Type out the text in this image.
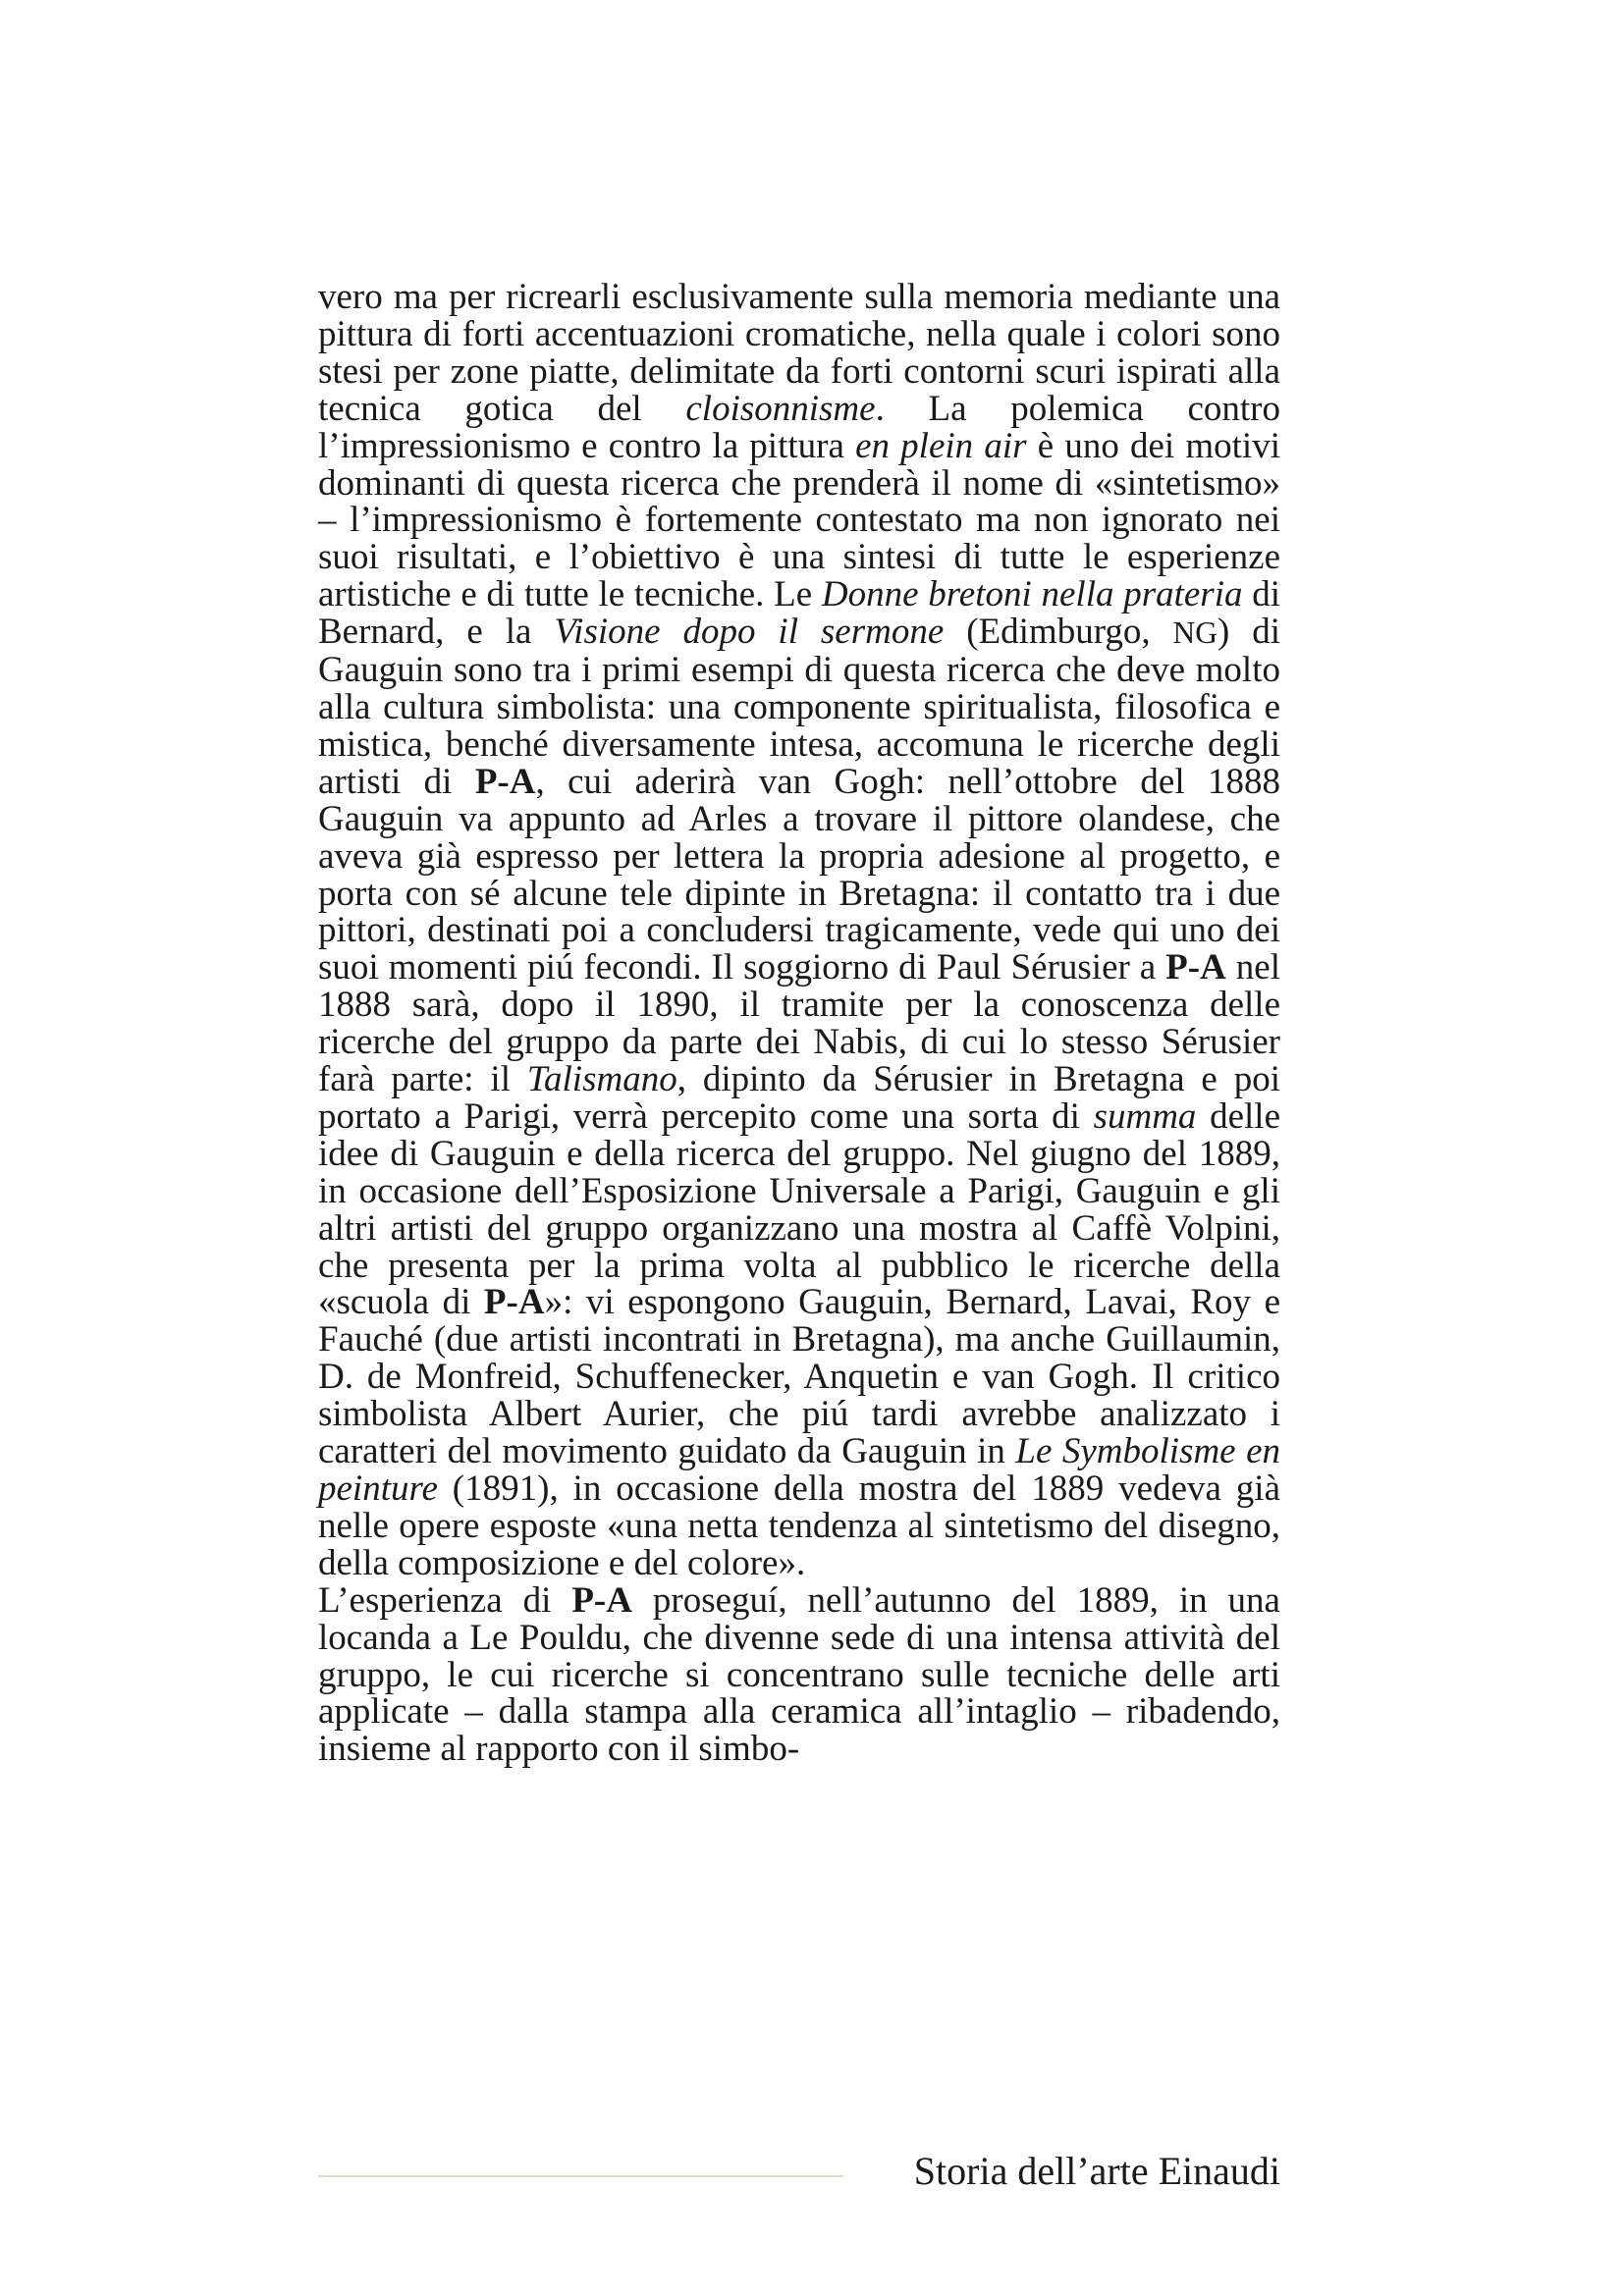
vero ma per ricrearli esclusivamente sulla memoria mediante una pittura di forti accentuazioni cromatiche, nella quale i colori sono stesi per zone piatte, delimitate da forti contorni scuri ispirati alla tecnica gotica del cloisonnisme. La polemica contro l’impressionismo e contro la pittura en plein air è uno dei motivi dominanti di questa ricerca che prenderà il nome di «sintetismo» – l’impressionismo è fortemente contestato ma non ignorato nei suoi risultati, e l’obiettivo è una sintesi di tutte le esperienze artistiche e di tutte le tecniche. Le Donne bretoni nella prateria di Bernard, e la Visione dopo il sermone (Edimburgo, NG) di Gauguin sono tra i primi esempi di questa ricerca che deve molto alla cultura simbolista: una componente spiritualista, filosofica e mistica, benché diversamente intesa, accomuna le ricerche degli artisti di P-A, cui aderirà van Gogh: nell’ottobre del 1888 Gauguin va appunto ad Arles a trovare il pittore olandese, che aveva già espresso per lettera la propria adesione al progetto, e porta con sé alcune tele dipinte in Bretagna: il contatto tra i due pittori, destinati poi a concludersi tragicamente, vede qui uno dei suoi momenti piú fecondi. Il soggiorno di Paul Sérusier a P-A nel 1888 sarà, dopo il 1890, il tramite per la conoscenza delle ricerche del gruppo da parte dei Nabis, di cui lo stesso Sérusier farà parte: il Talismano, dipinto da Sérusier in Bretagna e poi portato a Parigi, verrà percepito come una sorta di summa delle idee di Gauguin e della ricerca del gruppo. Nel giugno del 1889, in occasione dell’Esposizione Universale a Parigi, Gauguin e gli altri artisti del gruppo organizzano una mostra al Caffè Volpini, che presenta per la prima volta al pubblico le ricerche della «scuola di P-A»: vi espongono Gauguin, Bernard, Lavai, Roy e Fauché (due artisti incontrati in Bretagna), ma anche Guillaumin, D. de Monfreid, Schuffenecker, Anquetin e van Gogh. Il critico simbolista Albert Aurier, che piú tardi avrebbe analizzato i caratteri del movimento guidato da Gauguin in Le Symbolisme en peinture (1891), in occasione della mostra del 1889 vedeva già nelle opere esposte «una netta tendenza al sintetismo del disegno, della composizione e del colore».

L’esperienza di P-A proseguí, nell’autunno del 1889, in una locanda a Le Pouldu, che divenne sede di una intensa attività del gruppo, le cui ricerche si concentrano sulle tecniche delle arti applicate – dalla stampa alla ceramica all’intaglio – ribadendo, insieme al rapporto con il simbo-

Storia dell’arte Einaudi
